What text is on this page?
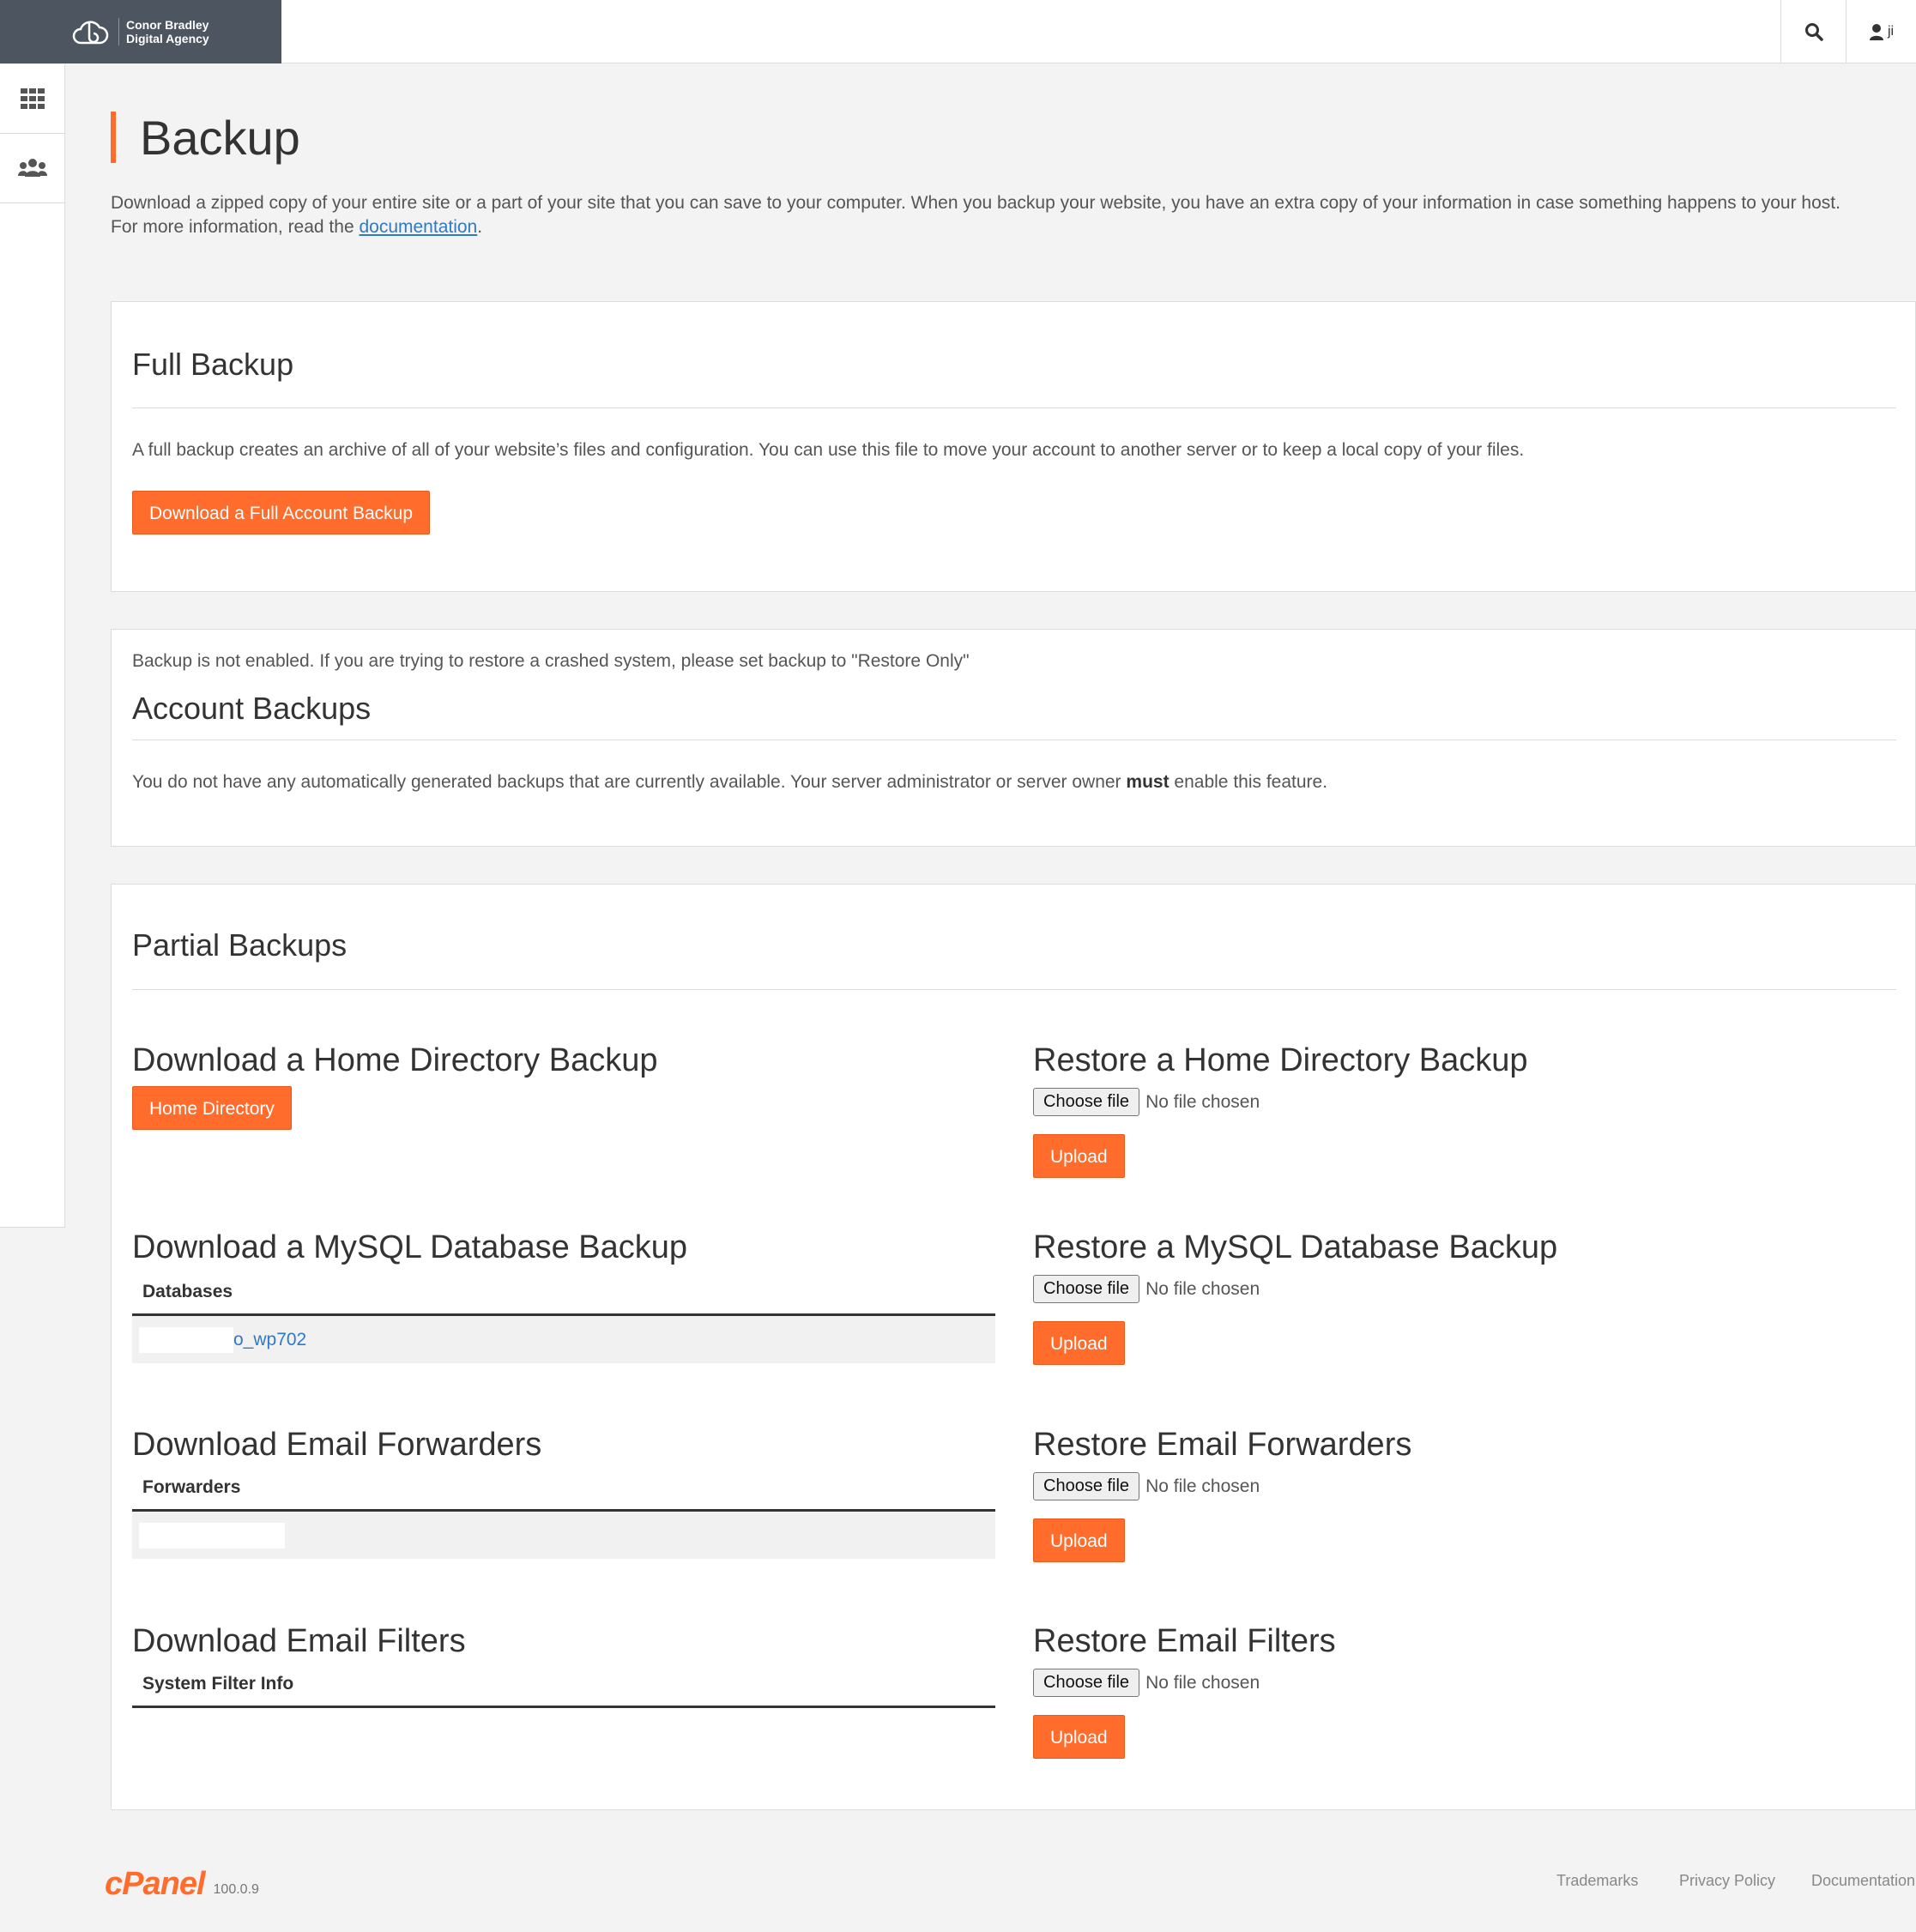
Conor Bradley
Digital Agency	ji
Backup
Download a zipped copy of your entire site or a part of your site that you can save to your computer. When you backup your website, you have an extra copy of your information in case something happens to your host.
For more information, read the documentation.
Full Backup

A full backup creates an archive of all of your website’s files and configuration. You can use this file to move your account to another server or to keep a local copy of your files.

Download a Full Account Backup

Backup is not enabled. If you are trying to restore a crashed system, please set backup to "Restore Only"

Account Backups

You do not have any automatically generated backups that are currently available. Your server administrator or server owner must enable this feature.

Partial Backups
Download a Home Directory Backup
Home Directory
Download a MySQL Database Backup
Databases
o_wp702
Download Email Forwarders
Forwarders
Download Email Filters
System Filter Info
Restore a Home Directory Backup
Choose file No file chosen
Upload
Restore a MySQL Database Backup
Choose file No file chosen
Upload
Restore Email Forwarders
Choose file No file chosen
Upload
Restore Email Filters
Choose file No file chosen
Upload
cPanel 100.0.9
Trademarks	Privacy Policy Documentation
